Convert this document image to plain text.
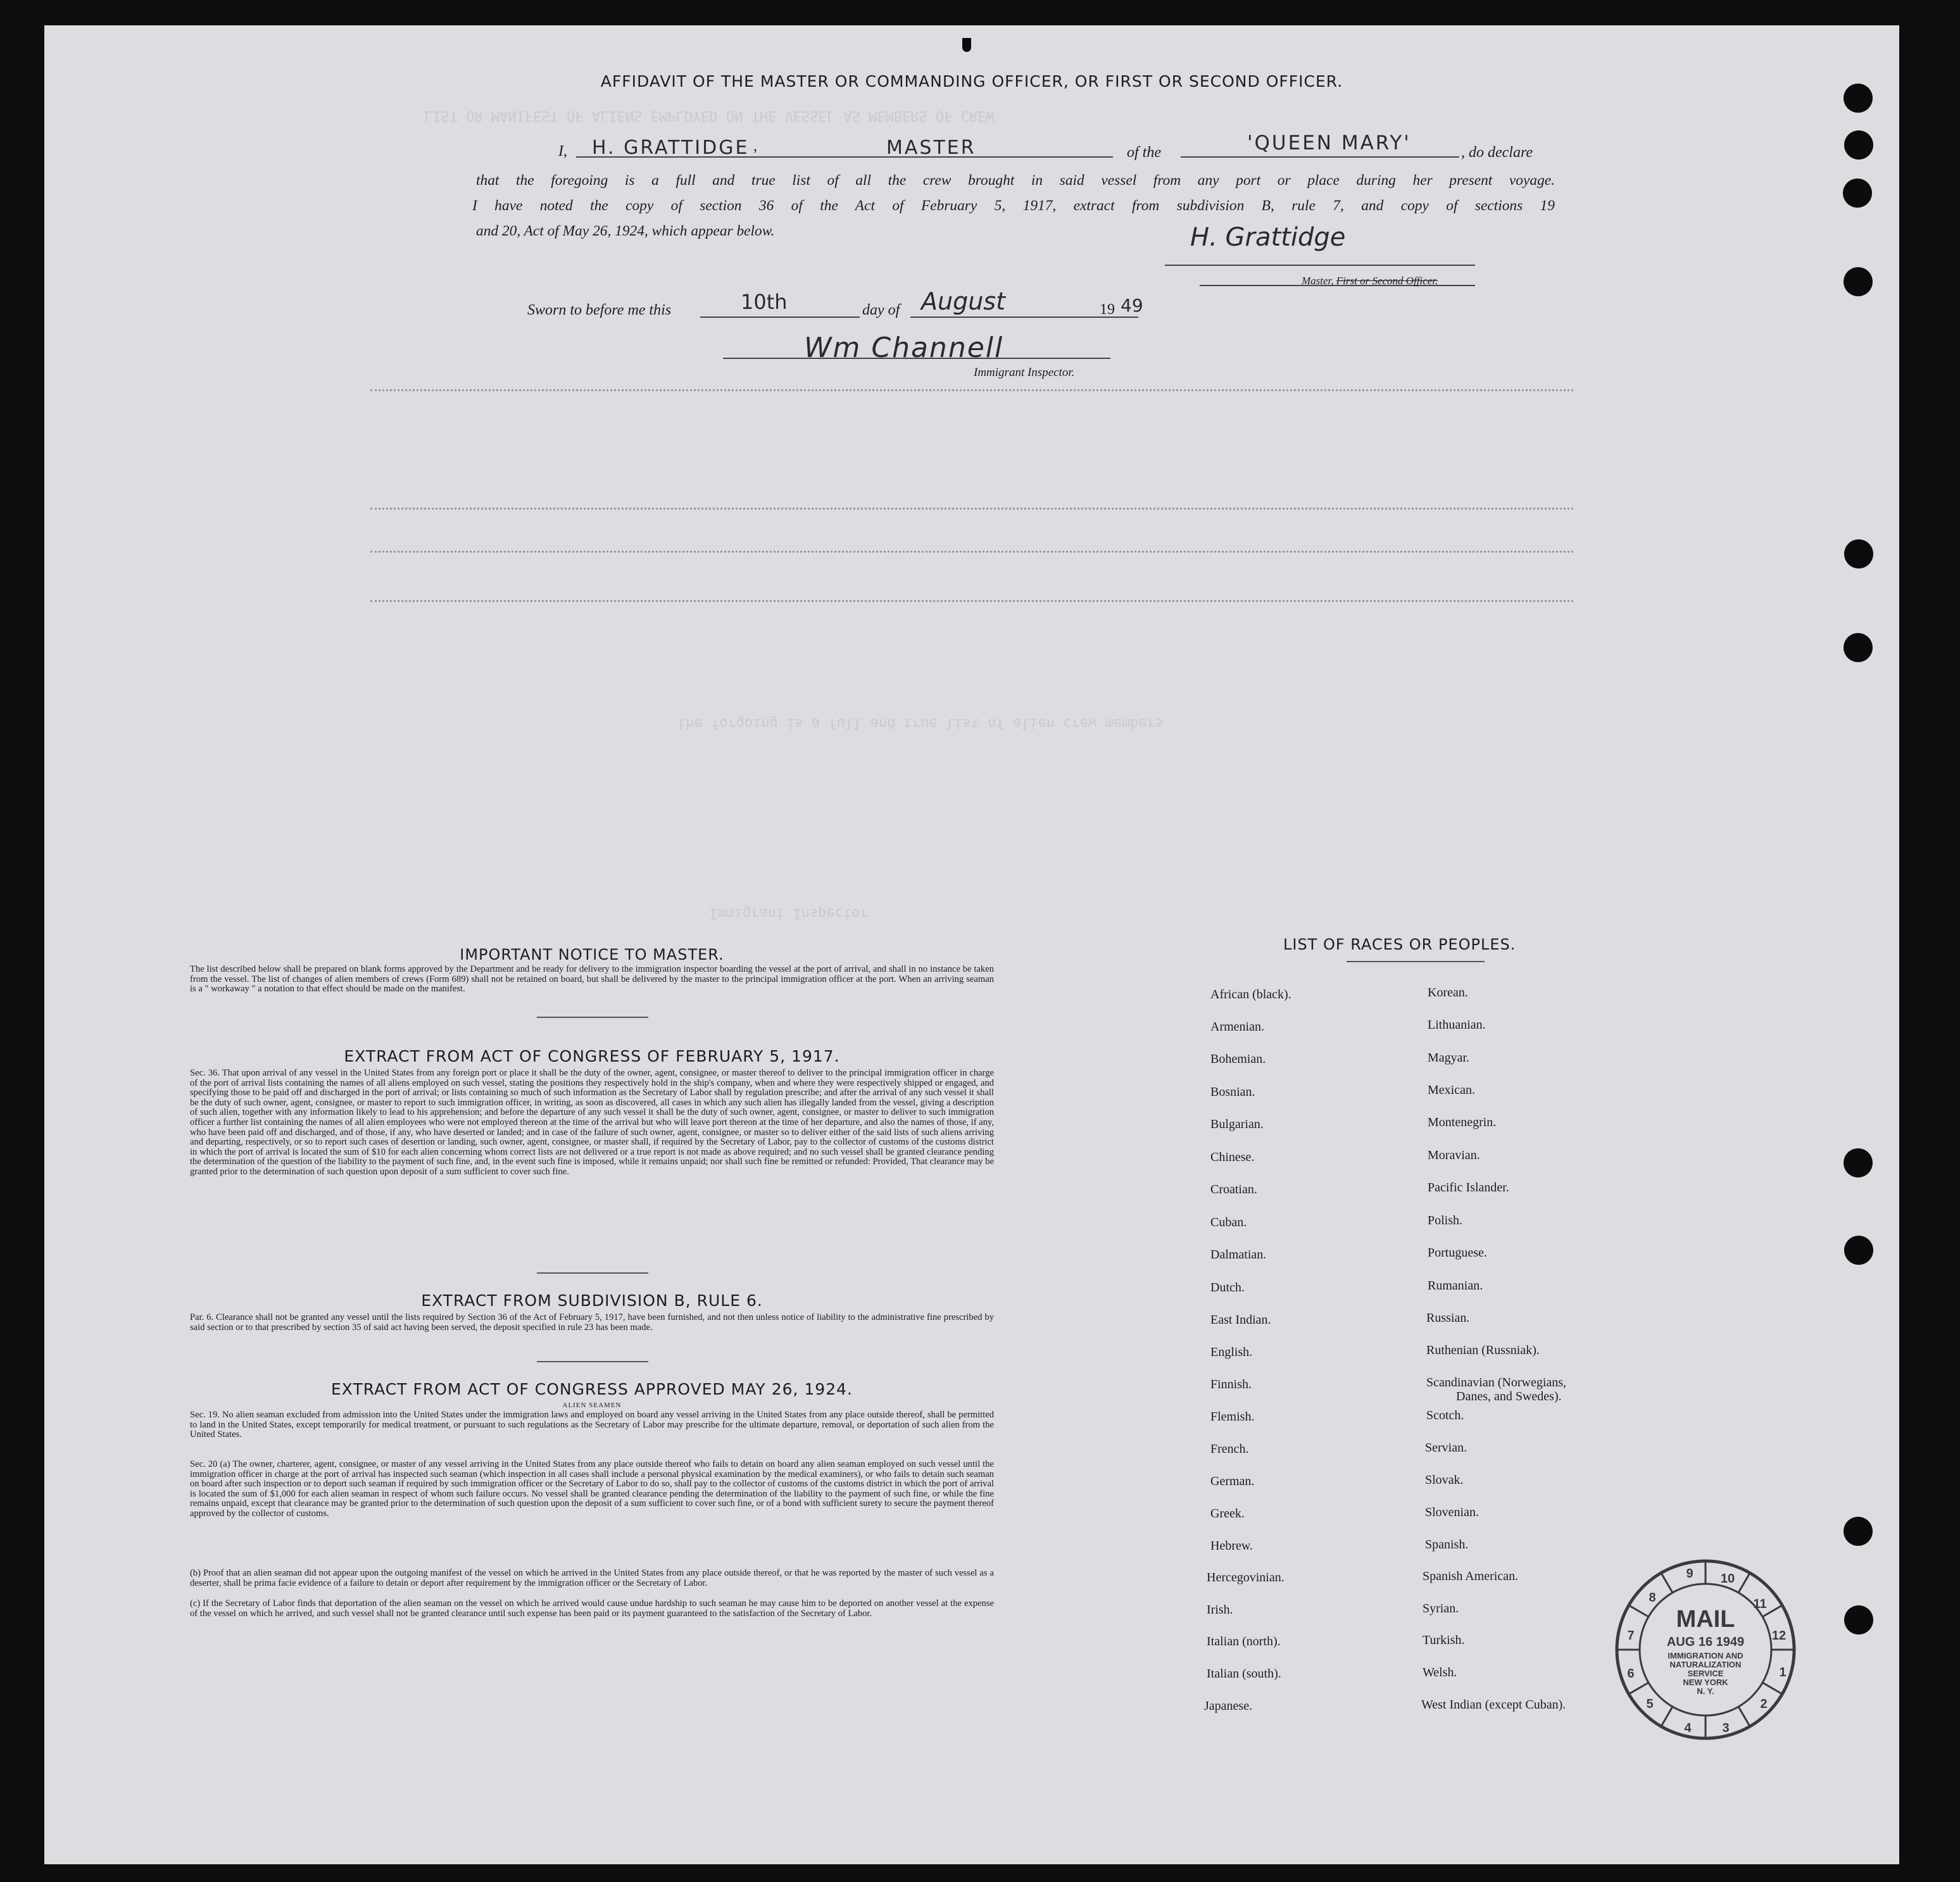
LIST OR MANIFEST OF ALIENS EMPLOYED ON THE VESSEL AS MEMBERS OF CREW
the forgoing is a full and true list of alien crew members
Immigrant Inspector
AFFIDAVIT OF THE MASTER OR COMMANDING OFFICER, OR FIRST OR SECOND OFFICER.
I, H. GRATTIDGE ,	MASTER	of the	'QUEEN MARY'	, do declare
that the foregoing is a full and true list of all the crew brought in said vessel from any port or place during her present voyage.
I have noted the copy of section 36 of the Act of February 5, 1917, extract from subdivision B, rule 7, and copy of sections 19
and 20, Act of May 26, 1924, which appear below.	H. Grattidge
Master, First or Second Officer.
Sworn to before me this	10th	day of August	19 49
Wm Channell
Immigrant Inspector.
IMPORTANT NOTICE TO MASTER.
The list described below shall be prepared on blank forms approved by the Department and be ready for delivery to the immigration inspector boarding the vessel at the port of arrival, and shall in no instance be taken from the vessel. The list of changes of alien members of crews (Form 689) shall not be retained on board, but shall be delivered by the master to the principal immigration officer at the port. When an arriving seaman is a " workaway " a notation to that effect should be made on the manifest.
EXTRACT FROM ACT OF CONGRESS OF FEBRUARY 5, 1917.
Sec. 36. That upon arrival of any vessel in the United States from any foreign port or place it shall be the duty of the owner, agent, consignee, or master thereof to deliver to the principal immigration officer in charge of the port of arrival lists containing the names of all aliens employed on such vessel, stating the positions they respectively hold in the ship's company, when and where they were respectively shipped or engaged, and specifying those to be paid off and discharged in the port of arrival; or lists containing so much of such information as the Secretary of Labor shall by regulation prescribe; and after the arrival of any such vessel it shall be the duty of such owner, agent, consignee, or master to report to such immigration officer, in writing, as soon as discovered, all cases in which any such alien has illegally landed from the vessel, giving a description of such alien, together with any information likely to lead to his apprehension; and before the departure of any such vessel it shall be the duty of such owner, agent, consignee, or master to deliver to such immigration officer a further list containing the names of all alien employees who were not employed thereon at the time of the arrival but who will leave port thereon at the time of her departure, and also the names of those, if any, who have been paid off and discharged, and of those, if any, who have deserted or landed; and in case of the failure of such owner, agent, consignee, or master so to deliver either of the said lists of such aliens arriving and departing, respectively, or so to report such cases of desertion or landing, such owner, agent, consignee, or master shall, if required by the Secretary of Labor, pay to the collector of customs of the customs district in which the port of arrival is located the sum of $10 for each alien concerning whom correct lists are not delivered or a true report is not made as above required; and no such vessel shall be granted clearance pending the determination of the question of the liability to the payment of such fine, and, in the event such fine is imposed, while it remains unpaid; nor shall such fine be remitted or refunded: Provided, That clearance may be granted prior to the determination of such question upon deposit of a sum sufficient to cover such fine.
EXTRACT FROM SUBDIVISION B, RULE 6.
Par. 6. Clearance shall not be granted any vessel until the lists required by Section 36 of the Act of February 5, 1917, have been furnished, and not then unless notice of liability to the administrative fine prescribed by said section or to that prescribed by section 35 of said act having been served, the deposit specified in rule 23 has been made.
EXTRACT FROM ACT OF CONGRESS APPROVED MAY 26, 1924.
ALIEN SEAMEN
Sec. 19. No alien seaman excluded from admission into the United States under the immigration laws and employed on board any vessel arriving in the United States from any place outside thereof, shall be permitted to land in the United States, except temporarily for medical treatment, or pursuant to such regulations as the Secretary of Labor may prescribe for the ultimate departure, removal, or deportation of such alien from the United States.
Sec. 20 (a) The owner, charterer, agent, consignee, or master of any vessel arriving in the United States from any place outside thereof who fails to detain on board any alien seaman employed on such vessel until the immigration officer in charge at the port of arrival has inspected such seaman (which inspection in all cases shall include a personal physical examination by the medical examiners), or who fails to detain such seaman on board after such inspection or to deport such seaman if required by such immigration officer or the Secretary of Labor to do so, shall pay to the collector of customs of the customs district in which the port of arrival is located the sum of $1,000 for each alien seaman in respect of whom such failure occurs. No vessel shall be granted clearance pending the determination of the liability to the payment of such fine, or while the fine remains unpaid, except that clearance may be granted prior to the determination of such question upon the deposit of a sum sufficient to cover such fine, or of a bond with sufficient surety to secure the payment thereof approved by the collector of customs.
(b) Proof that an alien seaman did not appear upon the outgoing manifest of the vessel on which he arrived in the United States from any place outside thereof, or that he was reported by the master of such vessel as a deserter, shall be prima facie evidence of a failure to detain or deport after requirement by the immigration officer or the Secretary of Labor.
(c) If the Secretary of Labor finds that deportation of the alien seaman on the vessel on which he arrived would cause undue hardship to such seaman he may cause him to be deported on another vessel at the expense of the vessel on which he arrived, and such vessel shall not be granted clearance until such expense has been paid or its payment guaranteed to the satisfaction of the Secretary of Labor.
LIST OF RACES OR PEOPLES.
African (black).
Armenian.
Bohemian.
Bosnian.
Bulgarian.
Chinese.
Croatian.
Cuban.
Dalmatian.
Dutch.
East Indian.
English.
Finnish.
Flemish.
French.
German.
Greek.
Hebrew.
Hercegovinian.
Irish.
Italian (north).
Italian (south).
Japanese.
Korean.
Lithuanian.
Magyar.
Mexican.
Montenegrin.
Moravian.
Pacific Islander.
Polish.
Portuguese.
Rumanian.
Russian.
Ruthenian (Russniak).
Scandinavian (Norwegians,
Danes, and Swedes).
Scotch.
Servian.
Slovak.
Slovenian.
Spanish.
Spanish American.
Syrian.
Turkish.
Welsh.
West Indian (except Cuban).
9 10
11
12
1
2
3
4
5
6
7
8
MAIL
AUG 16 1949
IMMIGRATION AND
NATURALIZATION
SERVICE
NEW YORK
N. Y.
